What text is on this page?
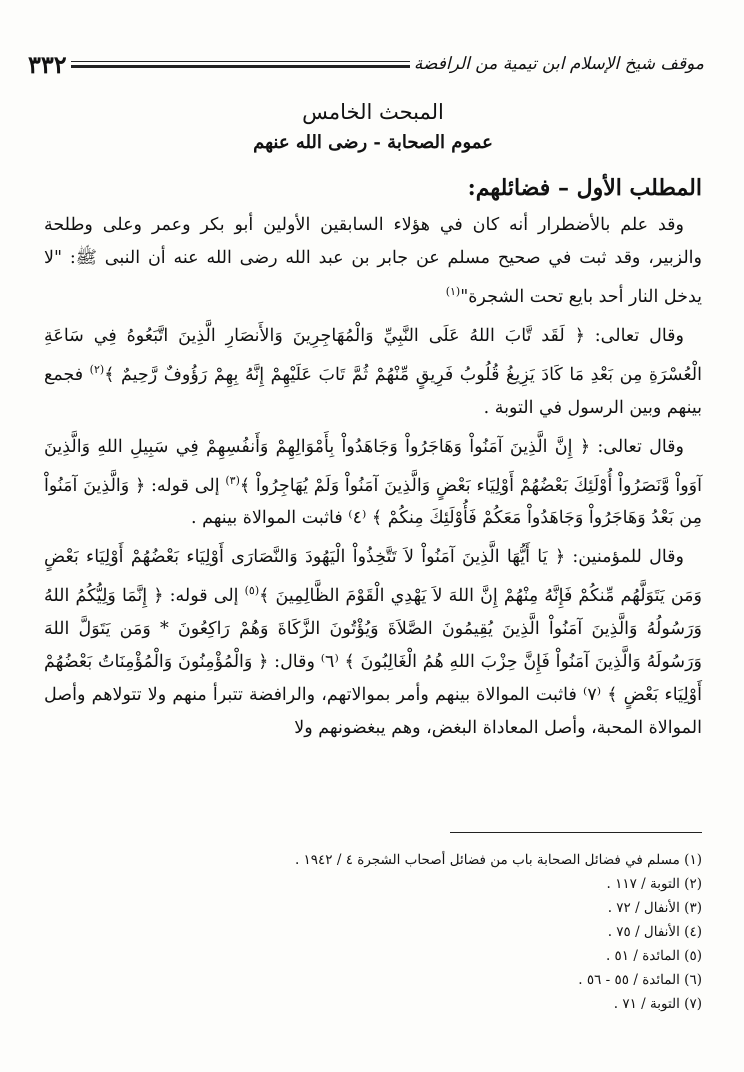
٣٣٢	موقف شيخ الإسلام ابن تيمية من الرافضة
المبحث الخامس
عموم الصحابة - رضى الله عنهم
المطلب الأول – فضائلهم:

وقد علم بالأضطرار أنه كان في هؤلاء السابقين الأولين أبو بكر وعمر وعلى وطلحة والزبير، وقد ثبت في صحيح مسلم عن جابر بن عبد الله رضى الله عنه أن النبى ﷺ: "لا يدخل النار أحد بايع تحت الشجرة"$^{(١)}$

وقال تعالى: ﴿ لَقَد تَّابَ اللهُ عَلَى النَّبِيِّ وَالْمُهَاجِرِينَ وَالأَنصَارِ الَّذِينَ اتَّبَعُوهُ فِي سَاعَةِ الْعُسْرَةِ مِن بَعْدِ مَا كَادَ يَزِيغُ قُلُوبُ فَرِيقٍ مِّنْهُمْ ثُمَّ تَابَ عَلَيْهِمْ إِنَّهُ بِهِمْ رَؤُوفٌ رَّحِيمٌ ﴾$^{(٢)}$ فجمع بينهم وبين الرسول في التوبة .

وقال تعالى: ﴿ إِنَّ الَّذِينَ آمَنُواْ وَهَاجَرُواْ وَجَاهَدُواْ بِأَمْوَالِهِمْ وَأَنفُسِهِمْ فِي سَبِيلِ اللهِ وَالَّذِينَ آوَواْ وَّنَصَرُواْ أُوْلَئِكَ بَعْضُهُمْ أَوْلِيَاء بَعْضٍ وَالَّذِينَ آمَنُواْ وَلَمْ يُهَاجِرُواْ ﴾$^{(٣)}$ إلى قوله: ﴿ وَالَّذِينَ آمَنُواْ مِن بَعْدُ وَهَاجَرُواْ وَجَاهَدُواْ مَعَكُمْ فَأُوْلَئِكَ مِنكُمْ ﴾ ⁽٤⁾ فاثبت الموالاة بينهم .

وقال للمؤمنين: ﴿ يَا أَيُّهَا الَّذِينَ آمَنُواْ لاَ تَتَّخِذُواْ الْيَهُودَ وَالنَّصَارَى أَوْلِيَاء بَعْضُهُمْ أَوْلِيَاء بَعْضٍ وَمَن يَتَوَلَّهُم مِّنكُمْ فَإِنَّهُ مِنْهُمْ إِنَّ اللهَ لاَ يَهْدِي الْقَوْمَ الظَّالِمِينَ ﴾$^{(٥)}$ إلى قوله: ﴿ إِنَّمَا وَلِيُّكُمُ اللهُ وَرَسُولُهُ وَالَّذِينَ آمَنُواْ الَّذِينَ يُقِيمُونَ الصَّلاَةَ وَيُؤْتُونَ الزَّكَاةَ وَهُمْ رَاكِعُونَ * وَمَن يَتَوَلَّ اللهَ وَرَسُولَهُ وَالَّذِينَ آمَنُواْ فَإِنَّ حِزْبَ اللهِ هُمُ الْغَالِبُونَ ﴾ ⁽٦⁾ وقال: ﴿ وَالْمُؤْمِنُونَ وَالْمُؤْمِنَاتُ بَعْضُهُمْ أَوْلِيَاء بَعْضٍ ﴾ ⁽٧⁾ فاثبت الموالاة بينهم وأمر بموالاتهم، والرافضة تتبرأ منهم ولا تتولاهم وأصل الموالاة المحبة، وأصل المعاداة البغض، وهم يبغضونهم ولا

(١) مسلم في فضائل الصحابة باب من فضائل أصحاب الشجرة ٤ / ١٩٤٢ .
(٢) التوبة / ١١٧ .
(٣) الأنفال / ٧٢ .
(٤) الأنفال / ٧٥ .
(٥) المائدة / ٥١ .
(٦) المائدة / ٥٥ - ٥٦ .
(٧) التوبة / ٧١ .
